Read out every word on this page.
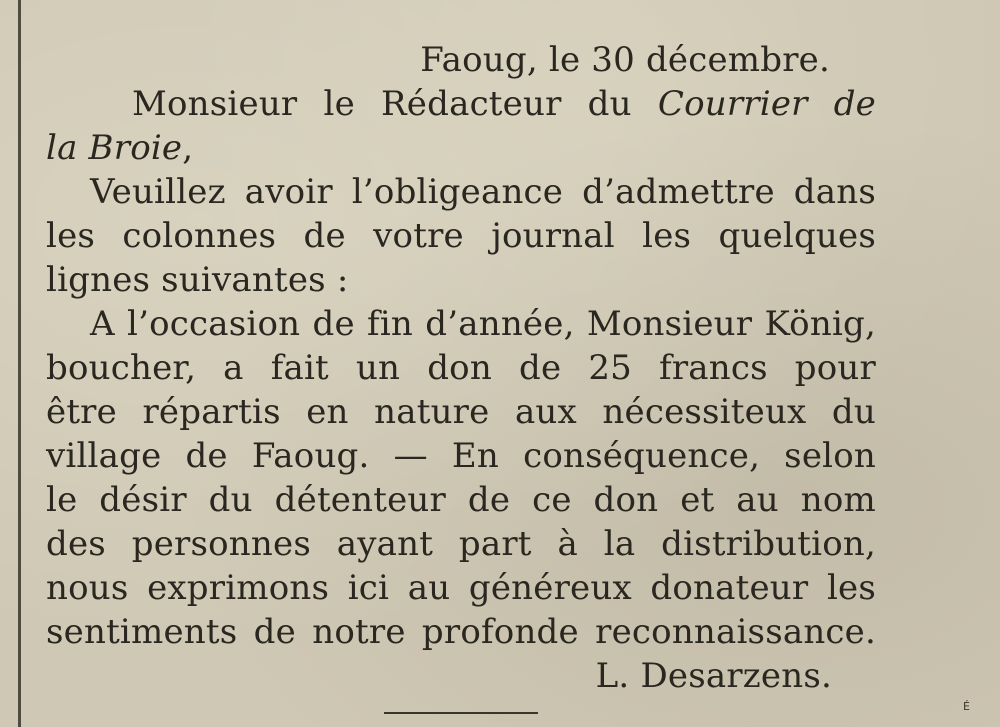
Faoug, le 30 décembre.
Monsieur le Rédacteur du Courrier de
la Broie,
Veuillez avoir l’obligeance d’admettre dans
les colonnes de votre journal les quelques
lignes suivantes :
A l’occasion de fin d’année, Monsieur König,
boucher, a fait un don de 25 francs pour
être répartis en nature aux nécessiteux du
village de Faoug. — En conséquence, selon
le désir du détenteur de ce don et au nom
des personnes ayant part à la distribution,
nous exprimons ici au généreux donateur les
sentiments de notre profonde reconnaissance.
L. Desarzens.
É
